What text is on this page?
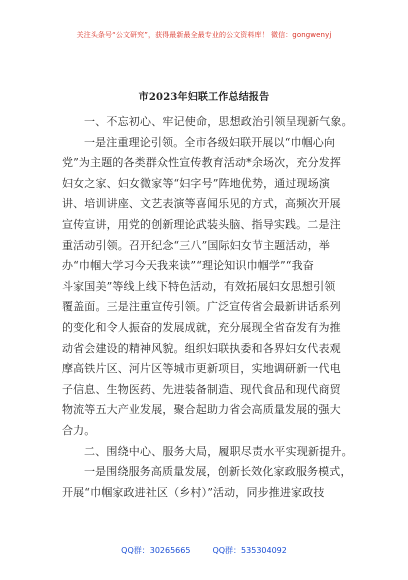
关注头条号“公文研究”，获得最新最全最专业的公文资料库！ 微信：gongwenyj
市2023年妇联工作总结报告
一、不忘初心、牢记使命，思想政治引领呈现新气象。
一是注重理论引领。全市各级妇联开展以“巾帼心向
党”为主题的各类群众性宣传教育活动*余场次，充分发挥
妇女之家、妇女微家等“妇字号”阵地优势，通过现场演
讲、培训讲座、文艺表演等喜闻乐见的方式，高频次开展
宣传宣讲，用党的创新理论武装头脑、指导实践。二是注
重活动引领。召开纪念“三八”国际妇女节主题活动，举
办“巾帼大学习今天我来读”“理论知识巾帼学”“我奋
斗家国美”等线上线下特色活动，有效拓展妇女思想引领
覆盖面。三是注重宣传引领。广泛宣传省会最新讲话系列
的变化和令人振奋的发展成就，充分展现全省奋发有为推
动省会建设的精神风貌。组织妇联执委和各界妇女代表观
摩高铁片区、河片区等城市更新项目，实地调研新一代电
子信息、生物医药、先进装备制造、现代食品和现代商贸
物流等五大产业发展，聚合起助力省会高质量发展的强大
合力。
二、围绕中心、服务大局，履职尽责水平实现新提升。
一是围绕服务高质量发展，创新长效化家政服务模式，
开展“巾帼家政进社区（乡村）”活动，同步推进家政技
QQ群：30265665	QQ群：535304092
